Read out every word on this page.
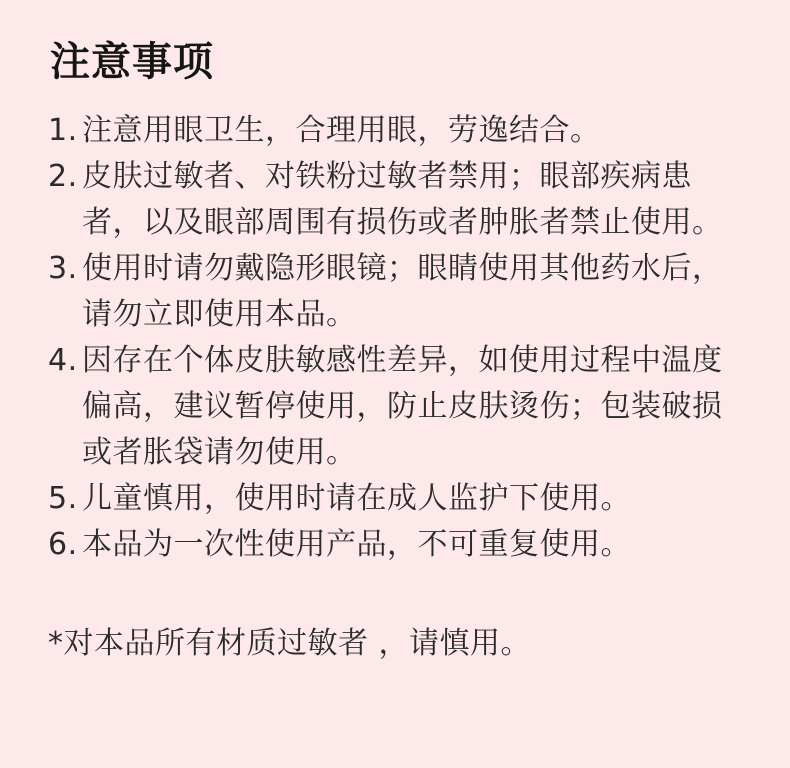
注意事项
1. 注意用眼卫生，合理用眼，劳逸结合。
2. 皮肤过敏者、对铁粉过敏者禁用；眼部疾病患者，以及眼部周围有损伤或者肿胀者禁止使用。
3. 使用时请勿戴隐形眼镜；眼睛使用其他药水后，请勿立即使用本品。
4. 因存在个体皮肤敏感性差异，如使用过程中温度偏高，建议暂停使用，防止皮肤烫伤；包装破损或者胀袋请勿使用。
5. 儿童慎用，使用时请在成人监护下使用。
6. 本品为一次性使用产品，不可重复使用。

*对本品所有材质过敏者 ，请慎用。
